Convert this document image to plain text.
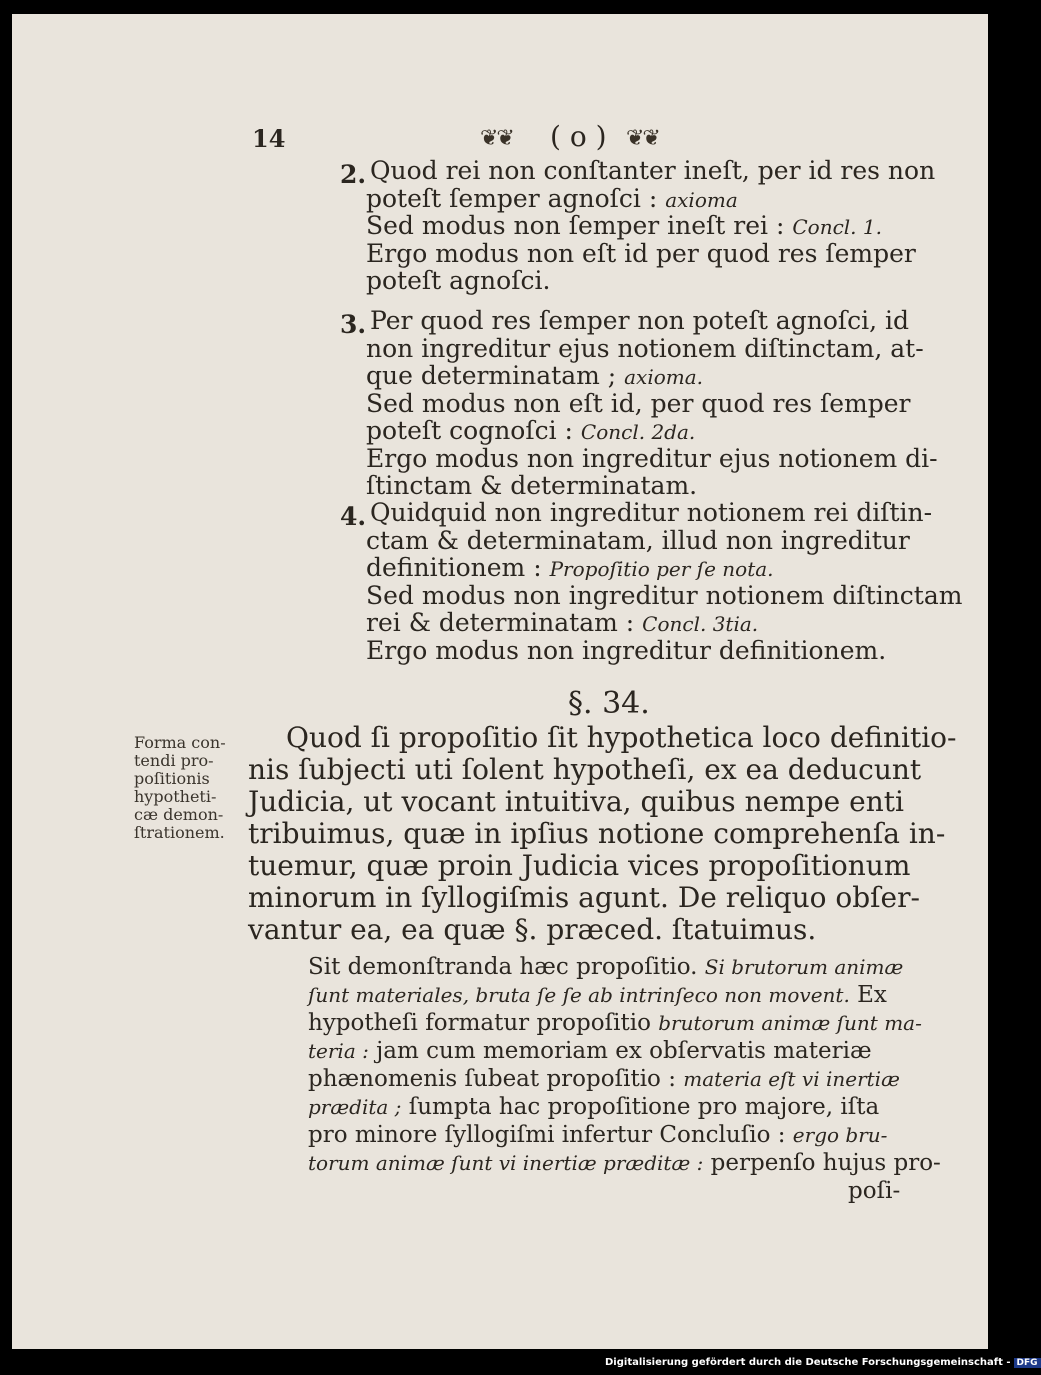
14	❦❦ ( o ) ❦❦
2. Quod rei non conſtanter ineſt, per id res non
poteſt ſemper agnoſci : axioma
Sed modus non ſemper ineſt rei : Concl. 1.
Ergo modus non eſt id per quod res ſemper
poteſt agnoſci.
3. Per quod res ſemper non poteſt agnoſci, id
non ingreditur ejus notionem diſtinctam, at-
que determinatam ; axioma.
Sed modus non eſt id, per quod res ſemper
poteſt cognoſci : Concl. 2da.
Ergo modus non ingreditur ejus notionem di-
ſtinctam & determinatam.
4. Quidquid non ingreditur notionem rei diſtin-
ctam & determinatam, illud non ingreditur
definitionem : Propoſitio per ſe nota.
Sed modus non ingreditur notionem diſtinctam
rei & determinatam : Concl. 3tia.
Ergo modus non ingreditur definitionem.
§. 34.
Forma con-
tendi pro-
poſitionis
hypotheti-
cæ demon-
ſtrationem.
Quod ſi propoſitio ſit hypothetica loco definitio-
nis ſubjecti uti ſolent hypotheſi, ex ea deducunt
Judicia, ut vocant intuitiva, quibus nempe enti
tribuimus, quæ in ipſius notione comprehenſa in-
tuemur, quæ proin Judicia vices propoſitionum
minorum in ſyllogiſmis agunt. De reliquo obſer-
vantur ea, ea quæ §. præced. ſtatuimus.
Sit demonſtranda hæc propoſitio. Si brutorum animæ
ſunt materiales, bruta ſe ſe ab intrinſeco non movent. Ex
hypotheſi formatur propoſitio brutorum animæ ſunt ma-
teria : jam cum memoriam ex obſervatis materiæ
phænomenis ſubeat propoſitio : materia eſt vi inertiæ
prædita ; ſumpta hac propoſitione pro majore, iſta
pro minore ſyllogiſmi infertur Concluſio : ergo bru-
torum animæ ſunt vi inertiæ præditæ : perpenſo hujus pro-
poſi-
Digitalisierung gefördert durch die Deutsche Forschungsgemeinschaft - DFG
